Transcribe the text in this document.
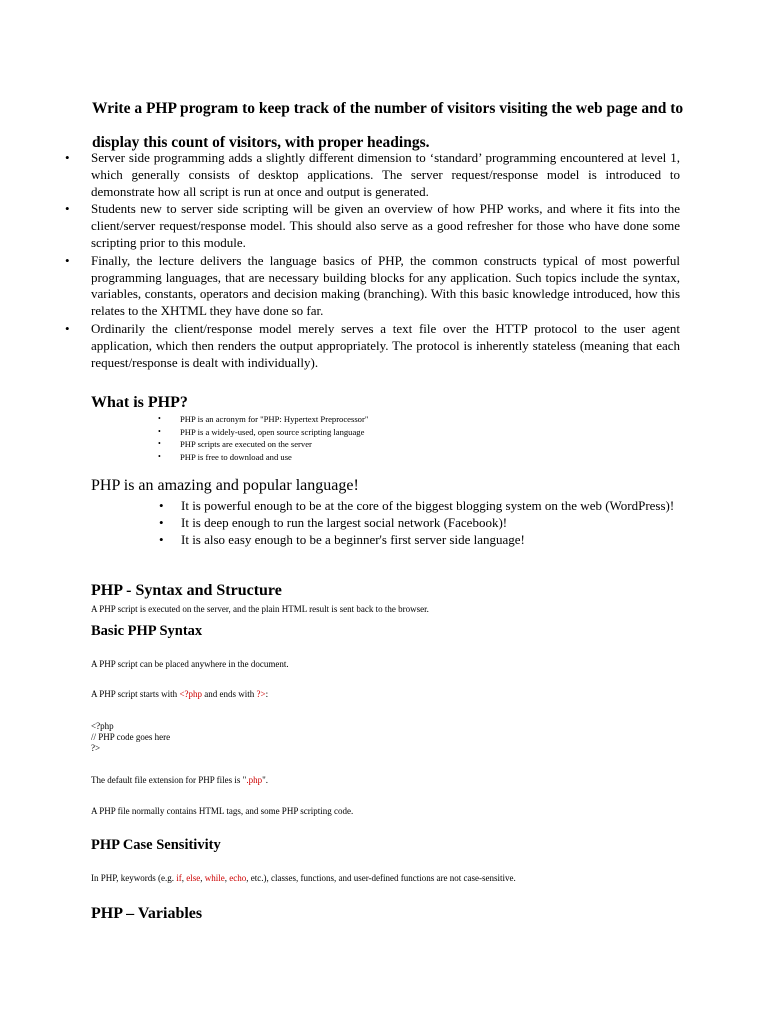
Write a PHP program to keep track of the number of visitors visiting the web page and to display this count of visitors, with proper headings.
• Server side programming adds a slightly different dimension to ‘standard’ programming encountered at level 1, which generally consists of desktop applications. The server request/response model is introduced to demonstrate how all script is run at once and output is generated.
• Students new to server side scripting will be given an overview of how PHP works, and where it fits into the client/server request/response model. This should also serve as a good refresher for those who have done some scripting prior to this module.
• Finally, the lecture delivers the language basics of PHP, the common constructs typical of most powerful programming languages, that are necessary building blocks for any application. Such topics include the syntax, variables, constants, operators and decision making (branching). With this basic knowledge introduced, how this relates to the XHTML they have done so far.
• Ordinarily the client/response model merely serves a text file over the HTTP protocol to the user agent application, which then renders the output appropriately. The protocol is inherently stateless (meaning that each request/response is dealt with individually).
What is PHP?
• PHP is an acronym for "PHP: Hypertext Preprocessor"
• PHP is a widely-used, open source scripting language
• PHP scripts are executed on the server
• PHP is free to download and use
PHP is an amazing and popular language!
• It is powerful enough to be at the core of the biggest blogging system on the web (WordPress)!
• It is deep enough to run the largest social network (Facebook)!
• It is also easy enough to be a beginner's first server side language!
PHP - Syntax and Structure
A PHP script is executed on the server, and the plain HTML result is sent back to the browser.
Basic PHP Syntax
A PHP script can be placed anywhere in the document.
A PHP script starts with <?php and ends with ?>:
<?php
// PHP code goes here
?>
The default file extension for PHP files is ".php".
A PHP file normally contains HTML tags, and some PHP scripting code.
PHP Case Sensitivity
In PHP, keywords (e.g. if, else, while, echo, etc.), classes, functions, and user-defined functions are not case-sensitive.
PHP – Variables
